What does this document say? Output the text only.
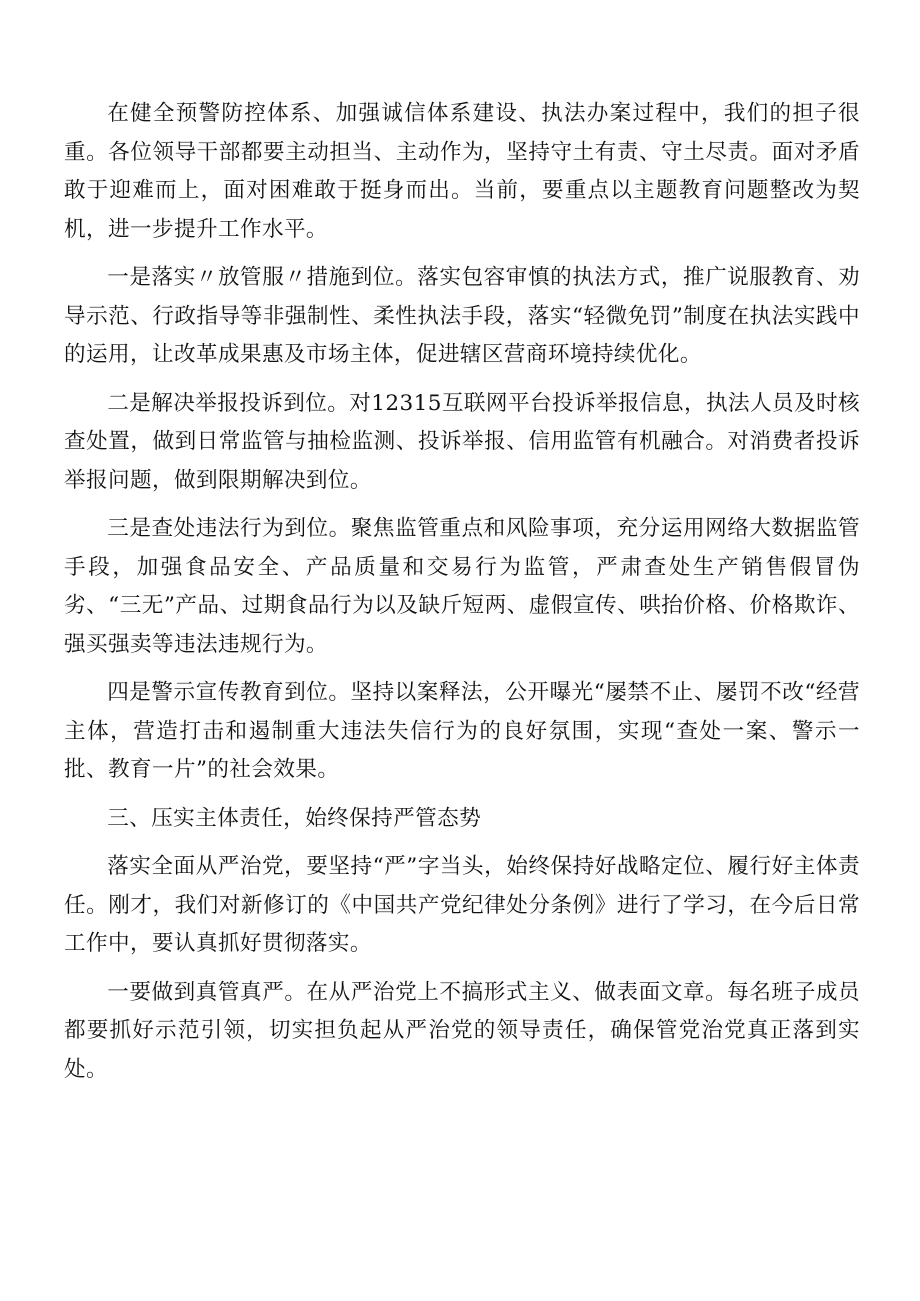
在健全预警防控体系、加强诚信体系建设、执法办案过程中，我们的担子很重。各位领导干部都要主动担当、主动作为，坚持守土有责、守土尽责。面对矛盾敢于迎难而上，面对困难敢于挺身而出。当前，要重点以主题教育问题整改为契机，进一步提升工作水平。

一是落实〃放管服〃措施到位。落实包容审慎的执法方式，推广说服教育、劝导示范、行政指导等非强制性、柔性执法手段，落实“轻微免罚”制度在执法实践中的运用，让改革成果惠及市场主体，促进辖区营商环境持续优化。

二是解决举报投诉到位。对12315互联网平台投诉举报信息，执法人员及时核查处置，做到日常监管与抽检监测、投诉举报、信用监管有机融合。对消费者投诉举报问题，做到限期解决到位。

三是查处违法行为到位。聚焦监管重点和风险事项，充分运用网络大数据监管手段，加强食品安全、产品质量和交易行为监管，严肃查处生产销售假冒伪劣、“三无”产品、过期食品行为以及缺斤短两、虚假宣传、哄抬价格、价格欺诈、强买强卖等违法违规行为。

四是警示宣传教育到位。坚持以案释法，公开曝光“屡禁不止、屡罚不改“经营主体，营造打击和遏制重大违法失信行为的良好氛围，实现“查处一案、警示一批、教育一片”的社会效果。

三、压实主体责任，始终保持严管态势

落实全面从严治党，要坚持“严”字当头，始终保持好战略定位、履行好主体责任。刚才，我们对新修订的《中国共产党纪律处分条例》进行了学习，在今后日常工作中，要认真抓好贯彻落实。

一要做到真管真严。在从严治党上不搞形式主义、做表面文章。每名班子成员都要抓好示范引领，切实担负起从严治党的领导责任，确保管党治党真正落到实处。
